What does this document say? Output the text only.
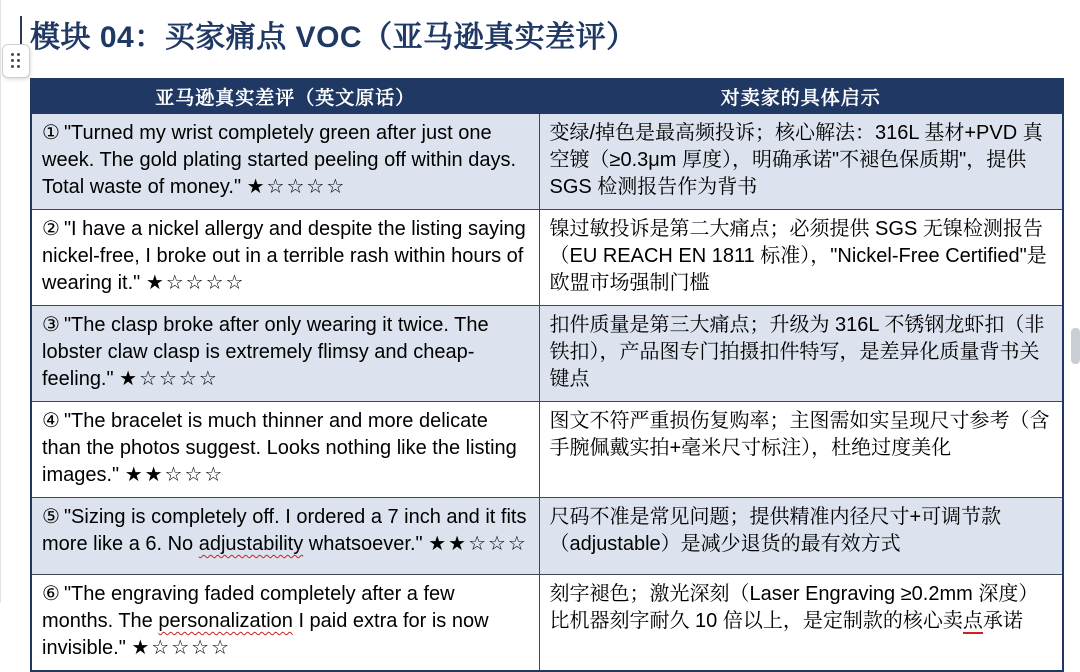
模块 04：买家痛点 VOC（亚马逊真实差评）
亚马逊真实差评（英文原话）	对卖家的具体启示
① "Turned my wrist completely green after just one week. The gold plating started peeling off within days. Total waste of money." ★☆☆☆☆	变绿/掉色是最高频投诉；核心解法：316L 基材+PVD 真空镀（≥0.3μm 厚度），明确承诺"不褪色保质期"，提供 SGS 检测报告作为背书
② "I have a nickel allergy and despite the listing saying nickel-free, I broke out in a terrible rash within hours of wearing it." ★☆☆☆☆	镍过敏投诉是第二大痛点；必须提供 SGS 无镍检测报告（EU REACH EN 1811 标准），"Nickel-Free Certified"是欧盟市场强制门槛
③ "The clasp broke after only wearing it twice. The lobster claw clasp is extremely flimsy and cheap-feeling." ★☆☆☆☆	扣件质量是第三大痛点；升级为 316L 不锈钢龙虾扣（非铁扣），产品图专门拍摄扣件特写，是差异化质量背书关键点
④ "The bracelet is much thinner and more delicate than the photos suggest. Looks nothing like the listing images." ★★☆☆☆	图文不符严重损伤复购率；主图需如实呈现尺寸参考（含手腕佩戴实拍+毫米尺寸标注），杜绝过度美化
⑤ "Sizing is completely off. I ordered a 7 inch and it fits more like a 6. No adjustability whatsoever." ★★☆☆☆	尺码不准是常见问题；提供精准内径尺寸+可调节款（adjustable）是减少退货的最有效方式
⑥ "The engraving faded completely after a few months. The personalization I paid extra for is now invisible." ★☆☆☆☆	刻字褪色；激光深刻（Laser Engraving ≥0.2mm 深度）比机器刻字耐久 10 倍以上，是定制款的核心卖点承诺
